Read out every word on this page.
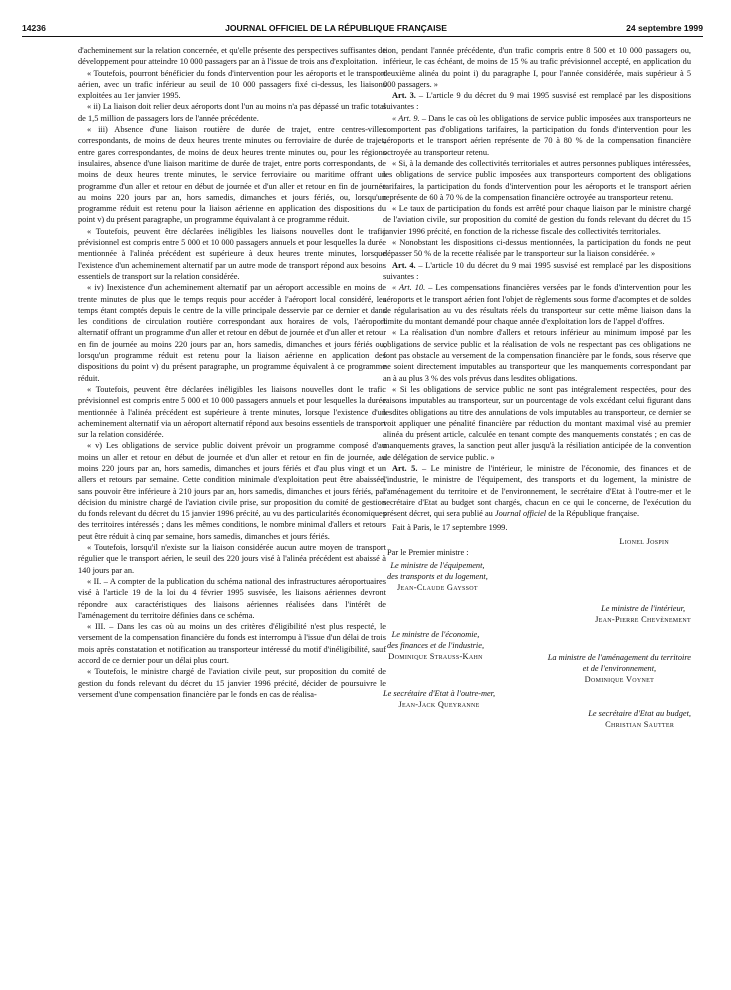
14236	JOURNAL OFFICIEL DE LA RÉPUBLIQUE FRANÇAISE	24 septembre 1999

d'acheminement sur la relation concernée, et qu'elle présente des perspectives suffisantes de développement pour atteindre 10 000 passagers par an à l'issue de trois ans d'exploitation.

« Toutefois, pourront bénéficier du fonds d'intervention pour les aéroports et le transport aérien, avec un trafic inférieur au seuil de 10 000 passagers fixé ci-dessus, les liaisons exploitées au 1er janvier 1995.

« ii) La liaison doit relier deux aéroports dont l'un au moins n'a pas dépassé un trafic total de 1,5 million de passagers lors de l'année précédente.

« iii) Absence d'une liaison routière de durée de trajet, entre centres-villes correspondants, de moins de deux heures trente minutes ou ferroviaire de durée de trajet, entre gares correspondantes, de moins de deux heures trente minutes ou, pour les régions insulaires, absence d'une liaison maritime de durée de trajet, entre ports correspondants, de moins de deux heures trente minutes, le service ferroviaire ou maritime offrant un programme d'un aller et retour en début de journée et d'un aller et retour en fin de journée au moins 220 jours par an, hors samedis, dimanches et jours fériés, ou, lorsqu'un programme réduit est retenu pour la liaison aérienne en application des dispositions du point v) du présent paragraphe, un programme équivalant à ce programme réduit.

« Toutefois, peuvent être déclarées inéligibles les liaisons nouvelles dont le trafic prévisionnel est compris entre 5 000 et 10 000 passagers annuels et pour lesquelles la durée mentionnée à l'alinéa précédent est supérieure à deux heures trente minutes, lorsque l'existence d'un acheminement alternatif par un autre mode de transport répond aux besoins essentiels de transport sur la relation considérée.

« iv) Inexistence d'un acheminement alternatif par un aéroport accessible en moins de trente minutes de plus que le temps requis pour accéder à l'aéroport local considéré, les temps étant comptés depuis le centre de la ville principale desservie par ce dernier et dans les conditions de circulation routière correspondant aux horaires de vols, l'aéroport alternatif offrant un programme d'un aller et retour en début de journée et d'un aller et retour en fin de journée au moins 220 jours par an, hors samedis, dimanches et jours fériés ou, lorsqu'un programme réduit est retenu pour la liaison aérienne en application des dispositions du point v) du présent paragraphe, un programme équivalent à ce programme réduit.

« Toutefois, peuvent être déclarées inéligibles les liaisons nouvelles dont le trafic prévisionnel est compris entre 5 000 et 10 000 passagers annuels et pour lesquelles la durée mentionnée à l'alinéa précédent est supérieure à trente minutes, lorsque l'existence d'un acheminement alternatif via un aéroport alternatif répond aux besoins essentiels de transport sur la relation considérée.

« v) Les obligations de service public doivent prévoir un programme composé d'au moins un aller et retour en début de journée et d'un aller et retour en fin de journée, au moins 220 jours par an, hors samedis, dimanches et jours fériés et d'au plus vingt et un allers et retours par semaine. Cette condition minimale d'exploitation peut être abaissée, sans pouvoir être inférieure à 210 jours par an, hors samedis, dimanches et jours fériés, par décision du ministre chargé de l'aviation civile prise, sur proposition du comité de gestion du fonds relevant du décret du 15 janvier 1996 précité, au vu des particularités économiques des territoires intéressés ; dans les mêmes conditions, le nombre minimal d'allers et retours peut être réduit à cinq par semaine, hors samedis, dimanches et jours fériés.

« Toutefois, lorsqu'il n'existe sur la liaison considérée aucun autre moyen de transport régulier que le transport aérien, le seuil des 220 jours visé à l'alinéa précédent est abaissé à 140 jours par an.

« II. – A compter de la publication du schéma national des infrastructures aéroportuaires visé à l'article 19 de la loi du 4 février 1995 susvisée, les liaisons aériennes devront répondre aux caractéristiques des liaisons aériennes réalisées dans l'intérêt de l'aménagement du territoire définies dans ce schéma.

« III. – Dans les cas où au moins un des critères d'éligibilité n'est plus respecté, le versement de la compensation financière du fonds est interrompu à l'issue d'un délai de trois mois après constatation et notification au transporteur intéressé du motif d'inéligibilité, sauf accord de ce dernier pour un délai plus court.

« Toutefois, le ministre chargé de l'aviation civile peut, sur proposition du comité de gestion du fonds relevant du décret du 15 janvier 1996 précité, décider de poursuivre le versement d'une compensation financière par le fonds en cas de réalisa-

tion, pendant l'année précédente, d'un trafic compris entre 8 500 et 10 000 passagers ou, inférieur, le cas échéant, de moins de 15 % au trafic prévisionnel accepté, en application du deuxième alinéa du point i) du paragraphe I, pour l'année considérée, mais supérieur à 5 000 passagers. »

Art. 3. – L'article 9 du décret du 9 mai 1995 susvisé est remplacé par les dispositions suivantes :

« Art. 9. – Dans le cas où les obligations de service public imposées aux transporteurs ne comportent pas d'obligations tarifaires, la participation du fonds d'intervention pour les aéroports et le transport aérien représente de 70 à 80 % de la compensation financière octroyée au transporteur retenu.

« Si, à la demande des collectivités territoriales et autres personnes publiques intéressées, les obligations de service public imposées aux transporteurs comportent des obligations tarifaires, la participation du fonds d'intervention pour les aéroports et le transport aérien représente de 60 à 70 % de la compensation financière octroyée au transporteur retenu.

« Le taux de participation du fonds est arrêté pour chaque liaison par le ministre chargé de l'aviation civile, sur proposition du comité de gestion du fonds relevant du décret du 15 janvier 1996 précité, en fonction de la richesse fiscale des collectivités territoriales.

« Nonobstant les dispositions ci-dessus mentionnées, la participation du fonds ne peut dépasser 50 % de la recette réalisée par le transporteur sur la liaison considérée. »

Art. 4. – L'article 10 du décret du 9 mai 1995 susvisé est remplacé par les dispositions suivantes :

« Art. 10. – Les compensations financières versées par le fonds d'intervention pour les aéroports et le transport aérien font l'objet de règlements sous forme d'acomptes et de soldes de régularisation au vu des résultats réels du transporteur sur cette même liaison dans la limite du montant demandé pour chaque année d'exploitation lors de l'appel d'offres.

« La réalisation d'un nombre d'allers et retours inférieur au minimum imposé par les obligations de service public et la réalisation de vols ne respectant pas ces obligations ne font pas obstacle au versement de la compensation financière par le fonds, sous réserve que ne soient directement imputables au transporteur que les manquements correspondant par an à au plus 3 % des vols prévus dans lesdites obligations.

« Si les obligations de service public ne sont pas intégralement respectées, pour des raisons imputables au transporteur, sur un pourcentage de vols excédant celui figurant dans lesdites obligations au titre des annulations de vols imputables au transporteur, ce dernier se voit appliquer une pénalité financière par réduction du montant maximal visé au premier alinéa du présent article, calculée en tenant compte des manquements constatés ; en cas de manquements graves, la sanction peut aller jusqu'à la résiliation anticipée de la convention de délégation de service public. »

Art. 5. – Le ministre de l'intérieur, le ministre de l'économie, des finances et de l'industrie, le ministre de l'équipement, des transports et du logement, la ministre de l'aménagement du territoire et de l'environnement, le secrétaire d'Etat à l'outre-mer et le secrétaire d'Etat au budget sont chargés, chacun en ce qui le concerne, de l'exécution du présent décret, qui sera publié au Journal officiel de la République française.

Fait à Paris, le 17 septembre 1999.

Lionel Jospin
Par le Premier ministre :
Le ministre de l'équipement,
des transports et du logement,
Jean-Claude Gayssot
Le ministre de l'intérieur,
Jean-Pierre Chevènement
Le ministre de l'économie,
des finances et de l'industrie,
Dominique Strauss-Kahn	La ministre de l'aménagement du territoire
et de l'environnement,
Dominique Voynet
Le secrétaire d'Etat à l'outre-mer,
Jean-Jack Queyranne
Le secrétaire d'Etat au budget,
Christian Sautter
